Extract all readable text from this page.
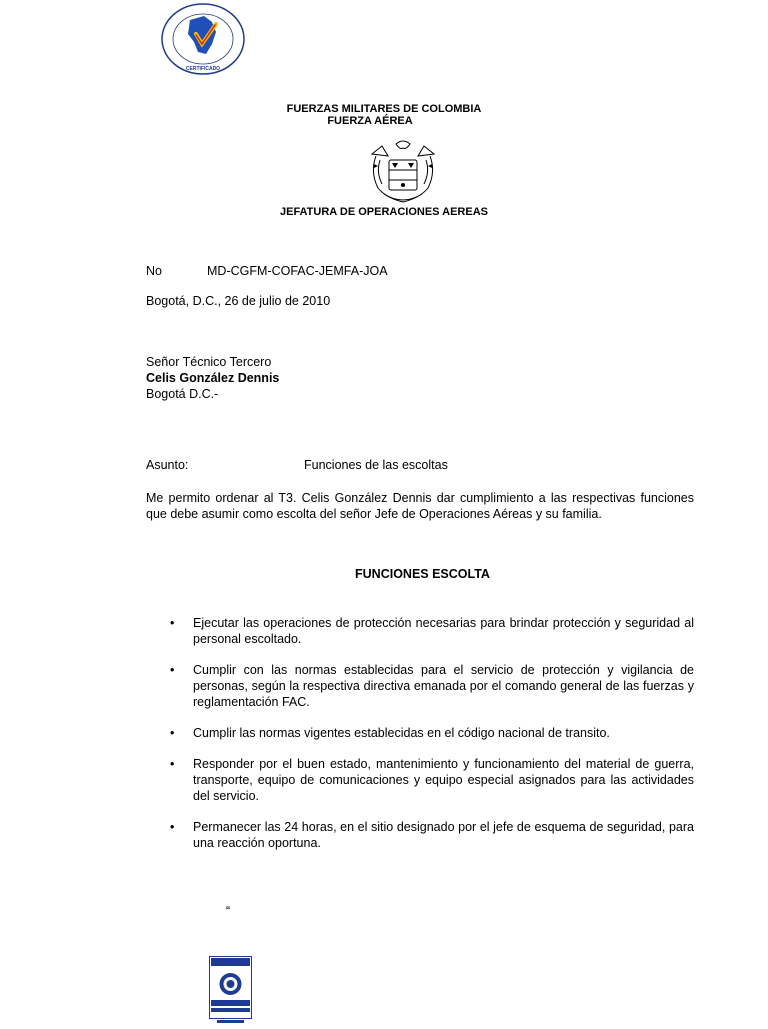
CERTIFICADO
FUERZAS MILITARES DE COLOMBIA
FUERZA AÉREA
JEFATURA DE OPERACIONES AEREAS
No	MD-CGFM-COFAC-JEMFA-JOA
Bogotá, D.C., 26 de julio de 2010
Señor Técnico Tercero
Celis González Dennis
Bogotá D.C.-
Asunto:	Funciones de las escoltas
Me permito ordenar al T3. Celis González Dennis dar cumplimiento a las respectivas funciones que debe asumir como escolta del señor Jefe de Operaciones Aéreas y su familia.
FUNCIONES ESCOLTA
• Ejecutar las operaciones de protección necesarias para brindar protección y seguridad al personal escoltado.
• Cumplir con las normas establecidas para el servicio de protección y vigilancia de personas, según la respectiva directiva emanada por el comando general de las fuerzas y reglamentación FAC.
• Cumplir las normas vigentes establecidas en el código nacional de transito.
• Responder por el buen estado, mantenimiento y funcionamiento del material de guerra, transporte, equipo de comunicaciones y equipo especial asignados para las actividades del servicio.
• Permanecer las 24 horas, en el sitio designado por el jefe de esquema de seguridad, para una reacción oportuna.
“
